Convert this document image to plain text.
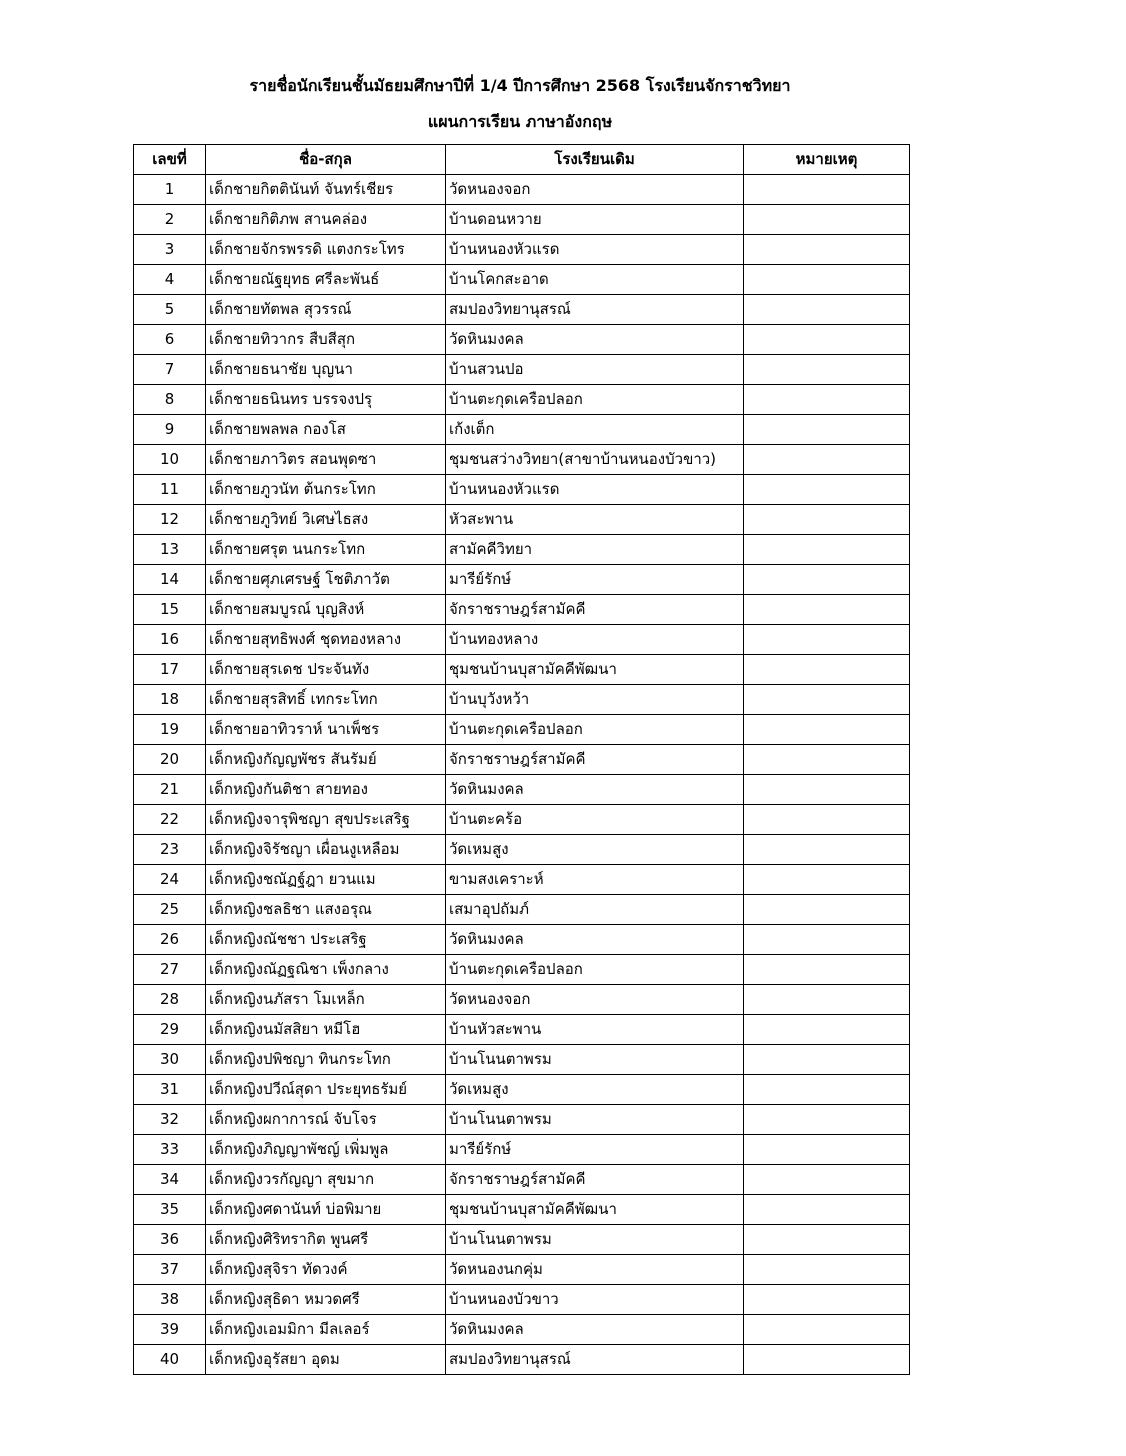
รายชื่อนักเรียนชั้นมัธยมศึกษาปีที่ 1/4 ปีการศึกษา 2568 โรงเรียนจักราชวิทยา
แผนการเรียน ภาษาอังกฤษ
เลขที่	ชื่อ-สกุล	โรงเรียนเดิม	หมายเหตุ
1	เด็กชายกิตตินันท์ จันทร์เชียร	วัดหนองจอก	
2	เด็กชายกิติภพ สานคล่อง	บ้านดอนหวาย	
3	เด็กชายจักรพรรดิ แตงกระโทร	บ้านหนองหัวแรด	
4	เด็กชายณัฐยุทธ ศรีละพันธ์	บ้านโคกสะอาด	
5	เด็กชายทัตพล สุวรรณ์	สมปองวิทยานุสรณ์	
6	เด็กชายทิวากร สืบสีสุก	วัดหินมงคล	
7	เด็กชายธนาชัย บุญนา	บ้านสวนปอ	
8	เด็กชายธนินทร บรรจงปรุ	บ้านตะกุดเครือปลอก	
9	เด็กชายพลพล กองโส	เก้งเต็ก	
10	เด็กชายภาวิตร สอนพุดซา	ชุมชนสว่างวิทยา(สาขาบ้านหนองบัวขาว)	
11	เด็กชายภูวนัท ต้นกระโทก	บ้านหนองหัวแรด	
12	เด็กชายภูวิทย์ วิเศษไธสง	หัวสะพาน	
13	เด็กชายศรุต นนกระโทก	สามัคคีวิทยา	
14	เด็กชายศุภเศรษฐ์ โชติภาวัต	มารีย์รักษ์	
15	เด็กชายสมบูรณ์ บุญสิงห์	จักราชราษฎร์สามัคคี	
16	เด็กชายสุทธิพงศ์ ชุดทองหลาง	บ้านทองหลาง	
17	เด็กชายสุรเดช ประจันทัง	ชุมชนบ้านบุสามัคคีพัฒนา	
18	เด็กชายสุรสิทธิ์ เทกระโทก	บ้านบุวังหว้า	
19	เด็กชายอาทิวราห์ นาเพ็ชร	บ้านตะกุดเครือปลอก	
20	เด็กหญิงกัญญพัชร สันรัมย์	จักราชราษฎร์สามัคคี	
21	เด็กหญิงกันติชา สายทอง	วัดหินมงคล	
22	เด็กหญิงจารุพิชญา สุขประเสริฐ	บ้านตะคร้อ	
23	เด็กหญิงจิรัชญา เผื่อนงูเหลือม	วัดเหมสูง	
24	เด็กหญิงชณัฏฐ์ฎา ยวนแม	ขามสงเคราะห์	
25	เด็กหญิงชลธิชา แสงอรุณ	เสมาอุปถัมภ์	
26	เด็กหญิงณัชชา ประเสริฐ	วัดหินมงคล	
27	เด็กหญิงณัฏฐณิชา เพ็งกลาง	บ้านตะกุดเครือปลอก	
28	เด็กหญิงนภัสรา โมเหล็ก	วัดหนองจอก	
29	เด็กหญิงนมัสสิยา หมีโฮ	บ้านหัวสะพาน	
30	เด็กหญิงปพิชญา ทินกระโทก	บ้านโนนตาพรม	
31	เด็กหญิงปวีณ์สุดา ประยุทธรัมย์	วัดเหมสูง	
32	เด็กหญิงผกาการณ์ จับโจร	บ้านโนนตาพรม	
33	เด็กหญิงภิญญาพัชญ์ เพิ่มพูล	มารีย์รักษ์	
34	เด็กหญิงวรกัญญา สุขมาก	จักราชราษฎร์สามัคคี	
35	เด็กหญิงศดานันท์ บ่อพิมาย	ชุมชนบ้านบุสามัคคีพัฒนา	
36	เด็กหญิงศิริทรากิต พูนศรี	บ้านโนนตาพรม	
37	เด็กหญิงสุจิรา ทัดวงค์	วัดหนองนกคุ่ม	
38	เด็กหญิงสุธิดา หมวดศรี	บ้านหนองบัวขาว	
39	เด็กหญิงเอมมิกา มีลเลอร์	วัดหินมงคล	
40	เด็กหญิงอุรัสยา อุดม	สมปองวิทยานุสรณ์	
